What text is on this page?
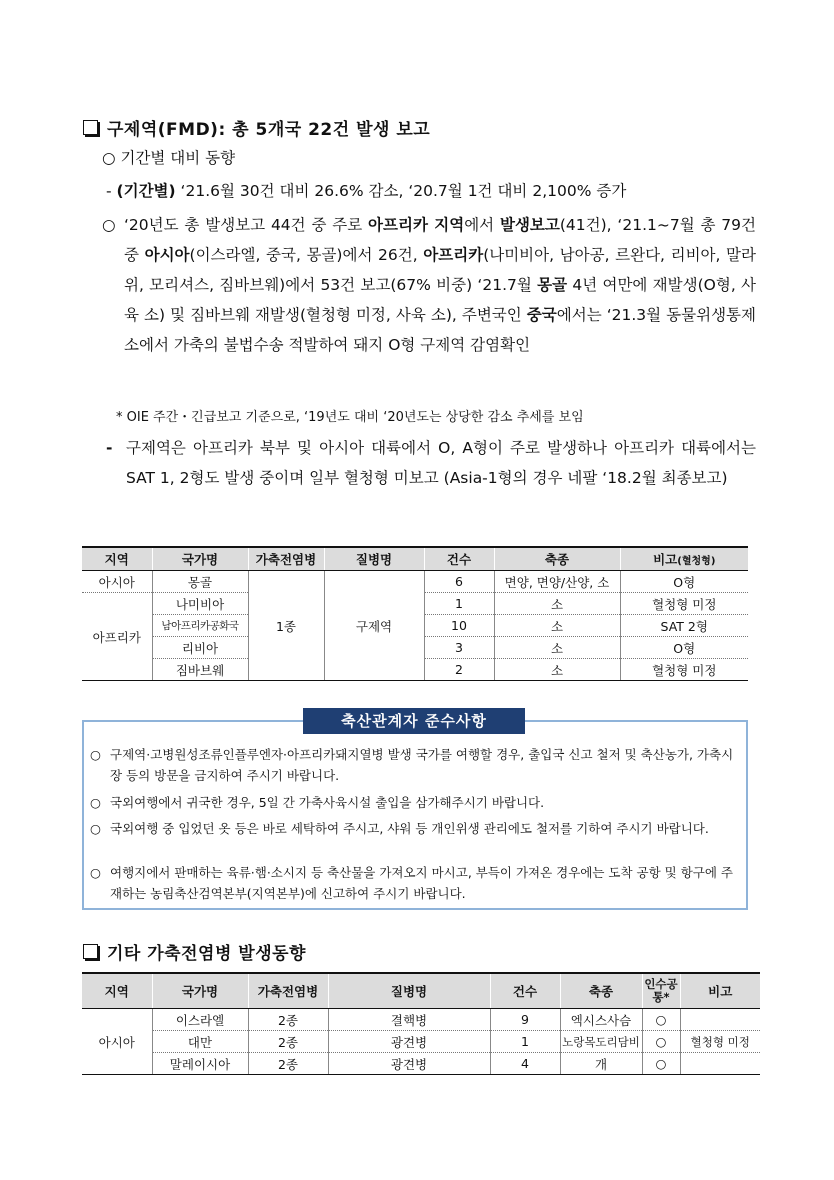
구제역(FMD): 총 5개국 22건 발생 보고
○ 기간별 대비 동향
- (기간별) ‘21.6월 30건 대비 26.6% 감소, ‘20.7월 1건 대비 2,100% 증가
○ ‘20년도 총 발생보고 44건 중 주로 아프리카 지역에서 발생보고(41건), ‘21.1~7월 총 79건 중 아시아(이스라엘, 중국, 몽골)에서 26건, 아프리카(나미비아, 남아공, 르완다, 리비아, 말라위, 모리셔스, 짐바브웨)에서 53건 보고(67% 비중) ‘21.7월 몽골 4년 여만에 재발생(O형, 사육 소) 및 짐바브웨 재발생(혈청형 미정, 사육 소), 주변국인 중국에서는 ‘21.3월 동물위생통제소에서 가축의 불법수송 적발하여 돼지 O형 구제역 감염확인
* OIE 주간・긴급보고 기준으로, ‘19년도 대비 ‘20년도는 상당한 감소 추세를 보임
- 구제역은 아프리카 북부 및 아시아 대륙에서 O, A형이 주로 발생하나 아프리카 대륙에서는 SAT 1, 2형도 발생 중이며 일부 혈청형 미보고 (Asia-1형의 경우 네팔 ‘18.2월 최종보고)
지역	국가명	가축전염병	질병명	건수	축종	비고(혈청형)
아시아	몽골	1종	구제역	6	면양, 면양/산양, 소	O형
아프리카	나미비아			1	소	혈청형 미정
	남아프리카공화국			10	소	SAT 2형
	리비아			3	소	O형
	짐바브웨			2	소	혈청형 미정
축산관계자 준수사항
○ 구제역·고병원성조류인플루엔자·아프리카돼지열병 발생 국가를 여행할 경우, 출입국 신고 철저 및 축산농가, 가축시장 등의 방문을 금지하여 주시기 바랍니다.
○ 국외여행에서 귀국한 경우, 5일 간 가축사육시설 출입을 삼가해주시기 바랍니다.
○ 국외여행 중 입었던 옷 등은 바로 세탁하여 주시고, 샤워 등 개인위생 관리에도 철저를 기하여 주시기 바랍니다.
○ 여행지에서 판매하는 육류·햄·소시지 등 축산물을 가져오지 마시고, 부득이 가져온 경우에는 도착 공항 및 항구에 주재하는 농림축산검역본부(지역본부)에 신고하여 주시기 바랍니다.
기타 가축전염병 발생동향
지역	국가명	가축전염병	질병명	건수	축종	인수공통*	비고
아시아	이스라엘	2종	결핵병	9	엑시스사슴	○	
	대만	2종	광견병	1	노랑목도리담비	○	혈청형 미정
	말레이시아	2종	광견병	4	개	○	
